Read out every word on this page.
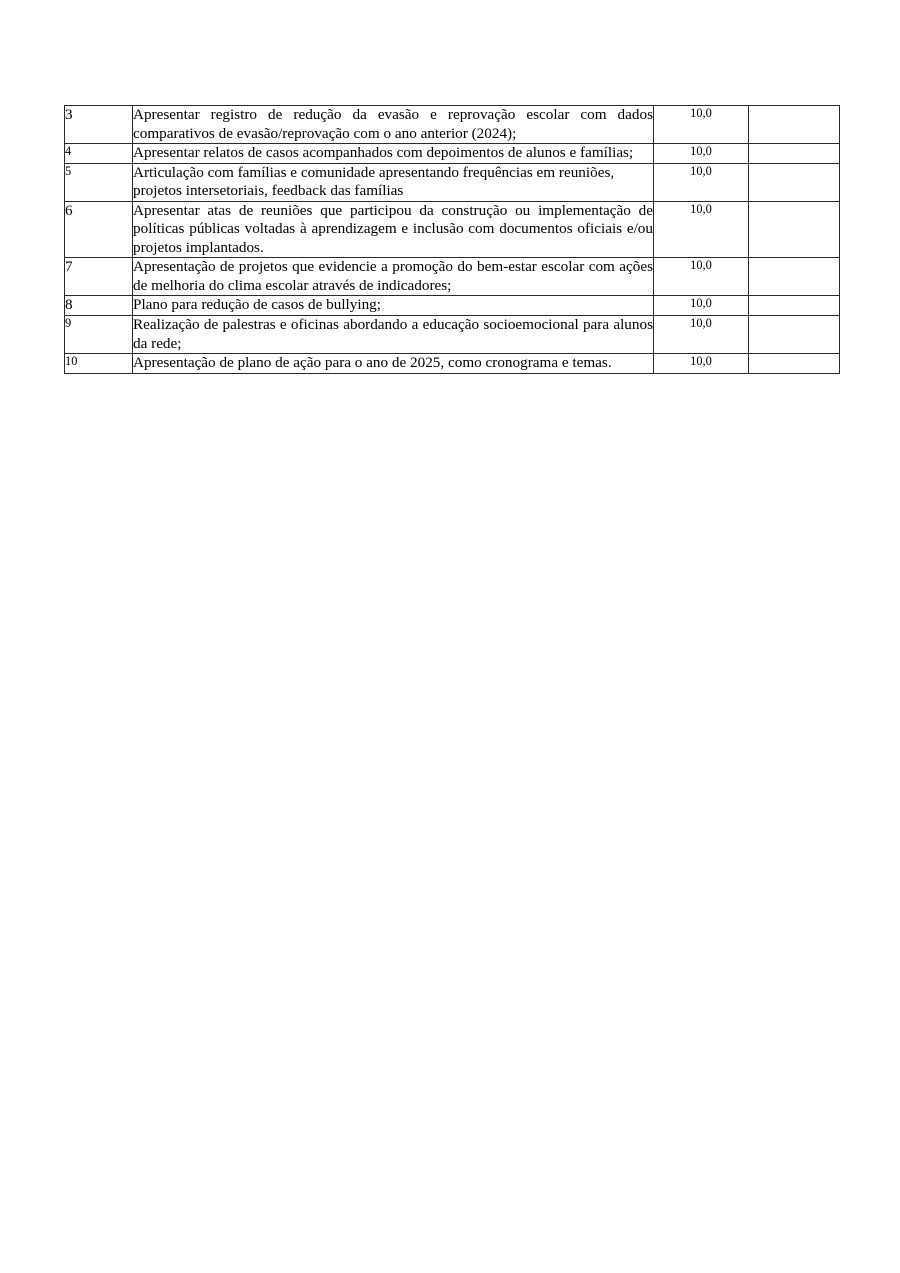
3	Apresentar registro de redução da evasão e reprovação escolar com dados comparativos de evasão/reprovação com o ano anterior (2024);	10,0	
4	Apresentar relatos de casos acompanhados com depoimentos de alunos e famílias;	10,0	
5	Articulação com famílias e comunidade apresentando frequências em reuniões, projetos intersetoriais, feedback das famílias	10,0	
6	Apresentar atas de reuniões que participou da construção ou implementação de políticas públicas voltadas à aprendizagem e inclusão com documentos oficiais e/ou projetos implantados.	10,0	
7	Apresentação de projetos que evidencie a promoção do bem-estar escolar com ações de melhoria do clima escolar através de indicadores;	10,0	
8	Plano para redução de casos de bullying;	10,0	
9	Realização de palestras e oficinas abordando a educação socioemocional para alunos da rede;	10,0	
10	Apresentação de plano de ação para o ano de 2025, como cronograma e temas.	10,0	
